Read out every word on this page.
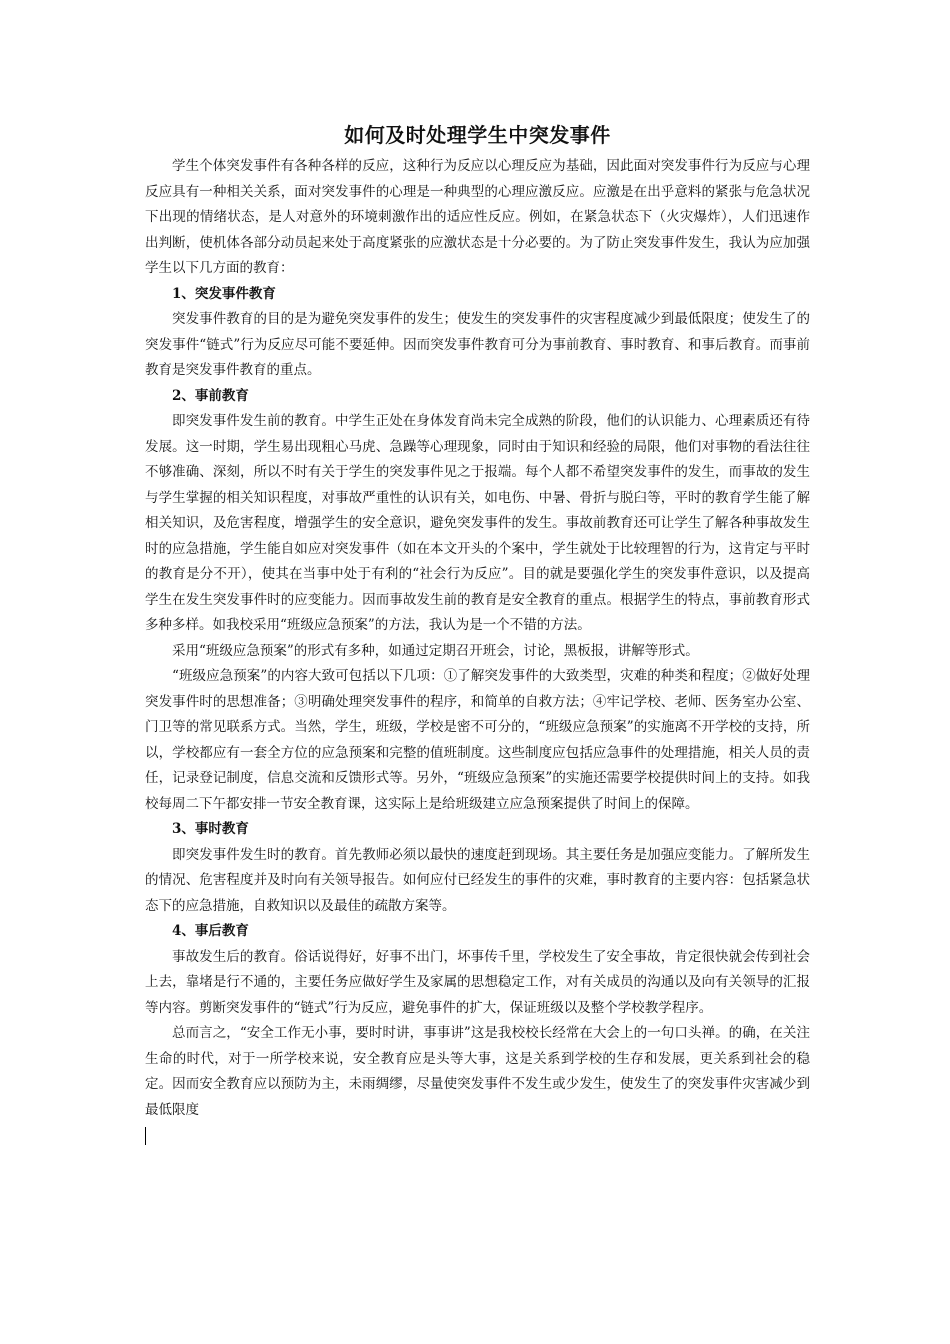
如何及时处理学生中突发事件

学生个体突发事件有各种各样的反应，这种行为反应以心理反应为基础，因此面对突发事件行为反应与心理反应具有一种相关关系，面对突发事件的心理是一种典型的心理应激反应。应激是在出乎意料的紧张与危急状况下出现的情绪状态，是人对意外的环境刺激作出的适应性反应。例如，在紧急状态下（火灾爆炸），人们迅速作出判断，使机体各部分动员起来处于高度紧张的应激状态是十分必要的。为了防止突发事件发生，我认为应加强学生以下几方面的教育：

1、突发事件教育

突发事件教育的目的是为避免突发事件的发生；使发生的突发事件的灾害程度减少到最低限度；使发生了的突发事件“链式”行为反应尽可能不要延伸。因而突发事件教育可分为事前教育、事时教育、和事后教育。而事前教育是突发事件教育的重点。

2、事前教育

即突发事件发生前的教育。中学生正处在身体发育尚未完全成熟的阶段，他们的认识能力、心理素质还有待发展。这一时期，学生易出现粗心马虎、急躁等心理现象，同时由于知识和经验的局限，他们对事物的看法往往不够准确、深刻，所以不时有关于学生的突发事件见之于报端。每个人都不希望突发事件的发生，而事故的发生与学生掌握的相关知识程度，对事故严重性的认识有关，如电伤、中暑、骨折与脱臼等，平时的教育学生能了解相关知识，及危害程度，增强学生的安全意识，避免突发事件的发生。事故前教育还可让学生了解各种事故发生时的应急措施，学生能自如应对突发事件（如在本文开头的个案中，学生就处于比较理智的行为，这肯定与平时的教育是分不开），使其在当事中处于有利的“社会行为反应”。目的就是要强化学生的突发事件意识，以及提高学生在发生突发事件时的应变能力。因而事故发生前的教育是安全教育的重点。根据学生的特点，事前教育形式多种多样。如我校采用“班级应急预案”的方法，我认为是一个不错的方法。

采用“班级应急预案”的形式有多种，如通过定期召开班会，讨论，黑板报，讲解等形式。

“班级应急预案”的内容大致可包括以下几项：①了解突发事件的大致类型，灾难的种类和程度；②做好处理突发事件时的思想准备；③明确处理突发事件的程序，和简单的自救方法；④牢记学校、老师、医务室办公室、门卫等的常见联系方式。当然，学生，班级，学校是密不可分的，“班级应急预案”的实施离不开学校的支持，所以，学校都应有一套全方位的应急预案和完整的值班制度。这些制度应包括应急事件的处理措施，相关人员的责任，记录登记制度，信息交流和反馈形式等。另外，“班级应急预案”的实施还需要学校提供时间上的支持。如我校每周二下午都安排一节安全教育课，这实际上是给班级建立应急预案提供了时间上的保障。

3、事时教育

即突发事件发生时的教育。首先教师必须以最快的速度赶到现场。其主要任务是加强应变能力。了解所发生的情况、危害程度并及时向有关领导报告。如何应付已经发生的事件的灾难，事时教育的主要内容：包括紧急状态下的应急措施，自救知识以及最佳的疏散方案等。

4、事后教育

事故发生后的教育。俗话说得好，好事不出门，坏事传千里，学校发生了安全事故，肯定很快就会传到社会上去，靠堵是行不通的，主要任务应做好学生及家属的思想稳定工作，对有关成员的沟通以及向有关领导的汇报等内容。剪断突发事件的“链式”行为反应，避免事件的扩大，保证班级以及整个学校教学程序。

总而言之，“安全工作无小事，要时时讲，事事讲”这是我校校长经常在大会上的一句口头禅。的确，在关注生命的时代，对于一所学校来说，安全教育应是头等大事，这是关系到学校的生存和发展，更关系到社会的稳定。因而安全教育应以预防为主，未雨绸缪，尽量使突发事件不发生或少发生，使发生了的突发事件灾害减少到最低限度
